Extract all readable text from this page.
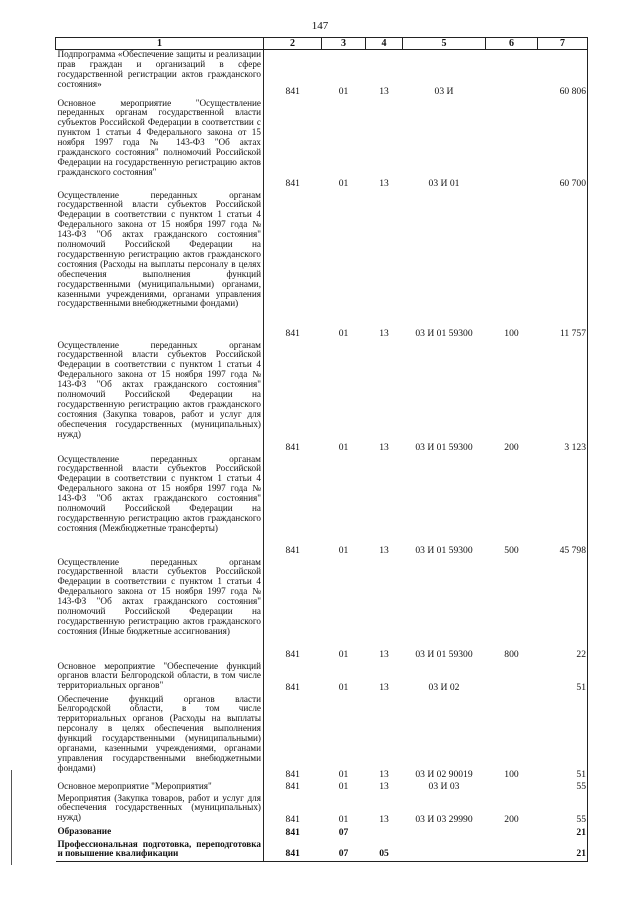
147
1	2	3	4	5	6	7
Подпрограмма «Обеспечение защиты и реализации прав граждан и организаций в сфере государственной регистрации актов гражданского состояния»	841	01	13	03 И		60 806
Основное мероприятие "Осуществление переданных органам государственной власти субъектов Российской Федерации в соответствии с пунктом 1 статьи 4 Федерального закона от 15 ноября 1997 года № 143-ФЗ "Об актах гражданского состояния" полномочий Российской Федерации на государственную регистрацию актов гражданского состояния"	841	01	13	03 И 01		60 700
Осуществление переданных органам государственной власти субъектов Российской Федерации в соответствии с пунктом 1 статьи 4 Федерального закона от 15 ноября 1997 года № 143-ФЗ "Об актах гражданского состояния" полномочий Российской Федерации на государственную регистрацию актов гражданского состояния (Расходы на выплаты персоналу в целях обеспечения выполнения функций государственными (муниципальными) органами, казенными учреждениями, органами управления государственными внебюджетными фондами)	841	01	13	03 И 01 59300	100	11 757
Осуществление переданных органам государственной власти субъектов Российской Федерации в соответствии с пунктом 1 статьи 4 Федерального закона от 15 ноября 1997 года № 143-ФЗ "Об актах гражданского состояния" полномочий Российской Федерации на государственную регистрацию актов гражданского состояния (Закупка товаров, работ и услуг для обеспечения государственных (муниципальных) нужд)	841	01	13	03 И 01 59300	200	3 123
Осуществление переданных органам государственной власти субъектов Российской Федерации в соответствии с пунктом 1 статьи 4 Федерального закона от 15 ноября 1997 года № 143-ФЗ "Об актах гражданского состояния" полномочий Российской Федерации на государственную регистрацию актов гражданского состояния (Межбюджетные трансферты)	841	01	13	03 И 01 59300	500	45 798
Осуществление переданных органам государственной власти субъектов Российской Федерации в соответствии с пунктом 1 статьи 4 Федерального закона от 15 ноября 1997 года № 143-ФЗ "Об актах гражданского состояния" полномочий Российской Федерации на государственную регистрацию актов гражданского состояния (Иные бюджетные ассигнования)	841	01	13	03 И 01 59300	800	22
Основное мероприятие "Обеспечение функций органов власти Белгородской области, в том числе территориальных органов"	841	01	13	03 И 02		51
Обеспечение функций органов власти Белгородской области, в том числе территориальных органов (Расходы на выплаты персоналу в целях обеспечения выполнения функций государственными (муниципальными) органами, казенными учреждениями, органами управления государственными внебюджетными фондами)	841	01	13	03 И 02 90019	100	51
Основное мероприятие "Мероприятия"	841	01	13	03 И 03		55
Мероприятия (Закупка товаров, работ и услуг для обеспечения государственных (муниципальных) нужд)	841	01	13	03 И 03 29990	200	55
Образование	841	07				21
Профессиональная подготовка, переподготовка и повышение квалификации	841	07	05			21
